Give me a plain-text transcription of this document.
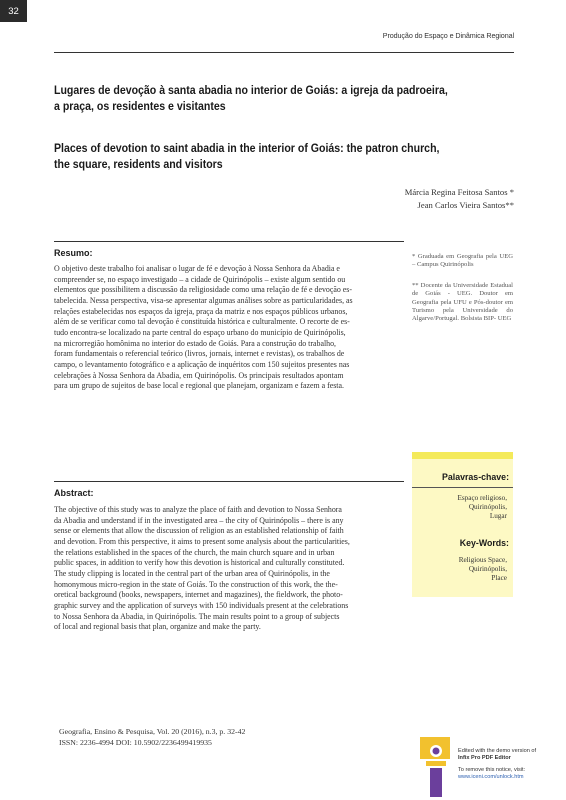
32
Produção do Espaço e Dinâmica Regional
Lugares de devoção à santa abadia no interior de Goiás: a igreja da padroeira,
a praça, os residentes e visitantes
Places of devotion to saint abadia in the interior of Goiás: the patron church,
the square, residents and visitors
Márcia Regina Feitosa Santos *
Jean Carlos Vieira Santos**
Resumo:
O objetivo deste trabalho foi analisar o lugar de fé e devoção à Nossa Senhora da Abadia e
compreender se, no espaço investigado – a cidade de Quirinópolis – existe algum sentido ou
elementos que possibilitem a discussão da religiosidade como uma relação de fé e devoção es-
tabelecida. Nessa perspectiva, visa-se apresentar algumas análises sobre as particularidades, as
relações estabelecidas nos espaços da igreja, praça da matriz e nos espaços públicos urbanos,
além de se verificar como tal devoção é constituída histórica e culturalmente. O recorte de es-
tudo encontra-se localizado na parte central do espaço urbano do município de Quirinópolis,
na microrregião homônima no interior do estado de Goiás. Para a construção do trabalho,
foram fundamentais o referencial teórico (livros, jornais, internet e revistas), os trabalhos de
campo, o levantamento fotográfico e a aplicação de inquéritos com 150 sujeitos presentes nas
celebrações à Nossa Senhora da Abadia, em Quirinópolis. Os principais resultados apontam
para um grupo de sujeitos de base local e regional que planejam, organizam e fazem a festa.

* Graduada em Geografia pela UEG – Campus Quirinópolis

** Docente da Universidade Estadual de Goiás - UEG. Doutor em Geografia pela UFU e Pós-doutor em Turismo pela Universidade do Algarve/Portugal. Bolsista BIP- UEG

Palavras-chave:
Espaço religioso,
Quirinópolis,
Lugar
Key-Words:
Religious Space,
Quirinópolis,
Place
Abstract:
The objective of this study was to analyze the place of faith and devotion to Nossa Senhora
da Abadia and understand if in the investigated area – the city of Quirinópolis – there is any
sense or elements that allow the discussion of religion as an established relationship of faith
and devotion. From this perspective, it aims to present some analysis about the particularities,
the relations established in the spaces of the church, the main church square and in urban
public spaces, in addition to verify how this devotion is historical and culturally constituted.
The study clipping is located in the central part of the urban area of Quirinópolis, in the
homonymous micro-region in the state of Goiás. To the construction of this work, the the-
oretical background (books, newspapers, internet and magazines), the fieldwork, the photo-
graphic survey and the application of surveys with 150 individuals present at the celebrations
to Nossa Senhora da Abadia, in Quirinópolis. The main results point to a group of subjects
of local and regional basis that plan, organize and make the party.
Geografia, Ensino & Pesquisa, Vol. 20 (2016), n.3, p. 32-42
ISSN: 2236-4994 DOI: 10.5902/2236499419935
Edited with the demo version of
Infix Pro PDF Editor
To remove this notice, visit:
www.iceni.com/unlock.htm
